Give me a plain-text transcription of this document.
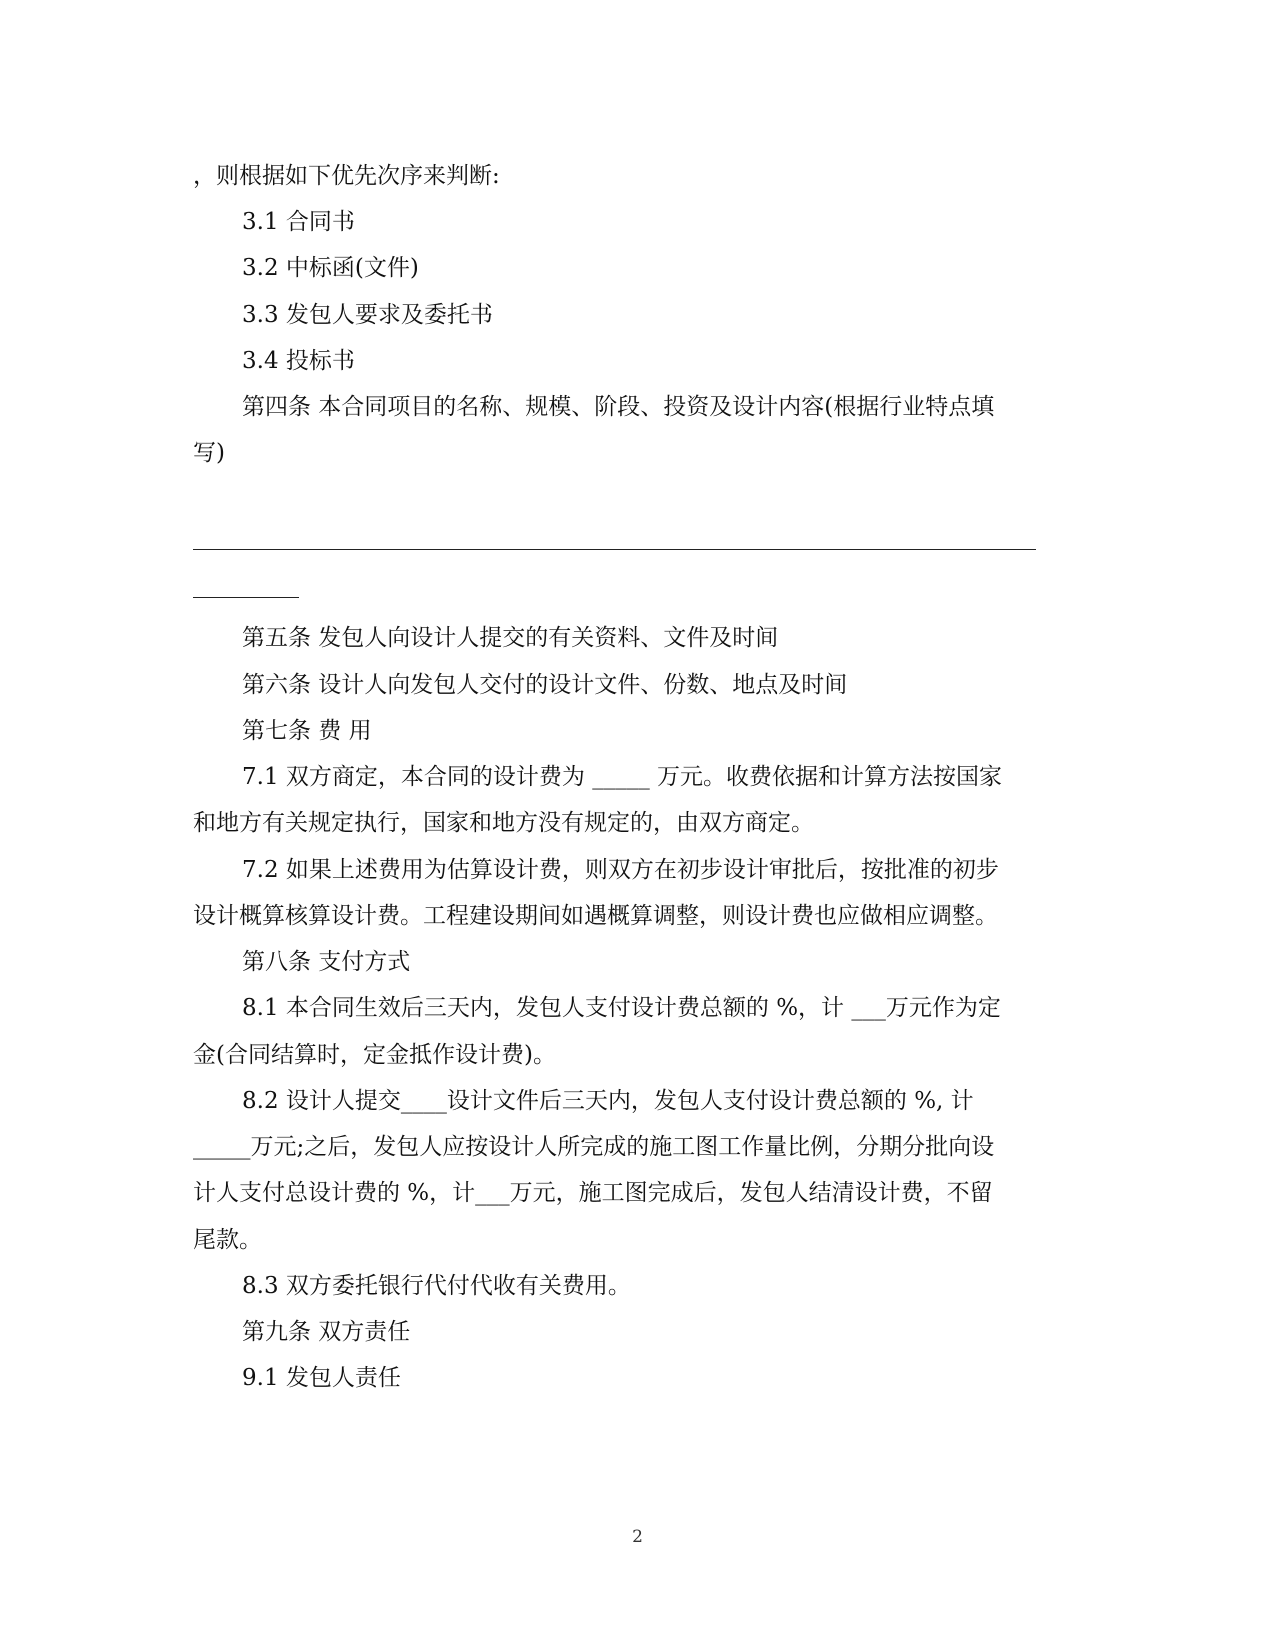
，则根据如下优先次序来判断:
3.1 合同书
3.2 中标函(文件)
3.3 发包人要求及委托书
3.4 投标书
第四条 本合同项目的名称、规模、阶段、投资及设计内容(根据行业特点填
写)
第五条 发包人向设计人提交的有关资料、文件及时间
第六条 设计人向发包人交付的设计文件、份数、地点及时间
第七条 费 用
7.1 双方商定，本合同的设计费为 _____ 万元。收费依据和计算方法按国家
和地方有关规定执行，国家和地方没有规定的，由双方商定。
7.2 如果上述费用为估算设计费，则双方在初步设计审批后，按批准的初步
设计概算核算设计费。工程建设期间如遇概算调整，则设计费也应做相应调整。
第八条 支付方式
8.1 本合同生效后三天内，发包人支付设计费总额的 %，计 ___万元作为定
金(合同结算时，定金抵作设计费)。
8.2 设计人提交____设计文件后三天内，发包人支付设计费总额的 %, 计
_____万元;之后，发包人应按设计人所完成的施工图工作量比例，分期分批向设
计人支付总设计费的 %，计___万元，施工图完成后，发包人结清设计费，不留
尾款。
8.3 双方委托银行代付代收有关费用。
第九条 双方责任
9.1 发包人责任
2
